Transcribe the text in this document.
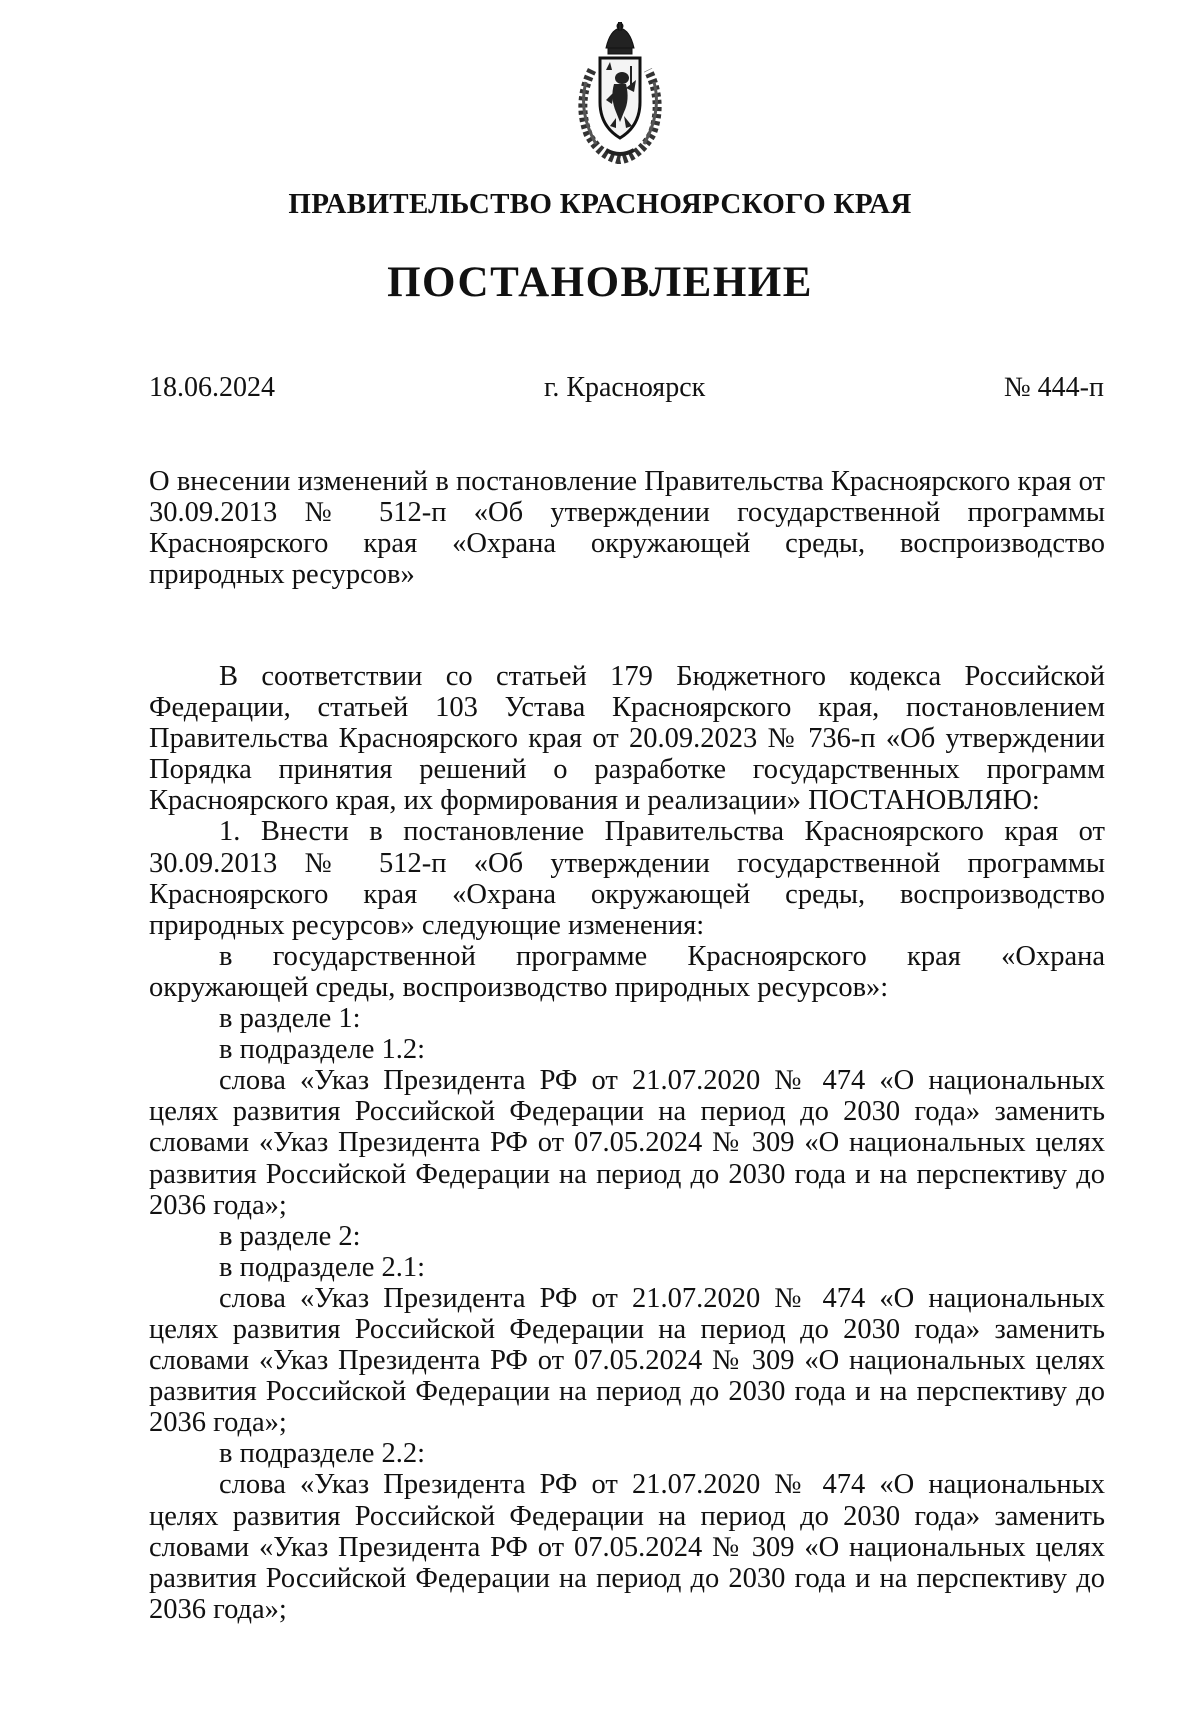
ПРАВИТЕЛЬСТВО КРАСНОЯРСКОГО КРАЯ
ПОСТАНОВЛЕНИЕ
18.06.2024	г. Красноярск	№ 444-п

О внесении изменений в постановление Правительства Красноярского края от 30.09.2013 № 512-п «Об утверждении государственной программы Красноярского края «Охрана окружающей среды, воспроизводство природных ресурсов»

В соответствии со статьей 179 Бюджетного кодекса Российской Федерации, статьей 103 Устава Красноярского края, постановлением Правительства Красноярского края от 20.09.2023 № 736-п «Об утверждении Порядка принятия решений о разработке государственных программ Красноярского края, их формирования и реализации» ПОСТАНОВЛЯЮ:

1. Внести в постановление Правительства Красноярского края от 30.09.2013 № 512-п «Об утверждении государственной программы Красноярского края «Охрана окружающей среды, воспроизводство природных ресурсов» следующие изменения:

в государственной программе Красноярского края «Охрана окружающей среды, воспроизводство природных ресурсов»:

в разделе 1:

в подразделе 1.2:

слова «Указ Президента РФ от 21.07.2020 № 474 «О национальных целях развития Российской Федерации на период до 2030 года» заменить словами «Указ Президента РФ от 07.05.2024 № 309 «О национальных целях развития Российской Федерации на период до 2030 года и на перспективу до 2036 года»;

в разделе 2:

в подразделе 2.1:

слова «Указ Президента РФ от 21.07.2020 № 474 «О национальных целях развития Российской Федерации на период до 2030 года» заменить словами «Указ Президента РФ от 07.05.2024 № 309 «О национальных целях развития Российской Федерации на период до 2030 года и на перспективу до 2036 года»;

в подразделе 2.2:

слова «Указ Президента РФ от 21.07.2020 № 474 «О национальных целях развития Российской Федерации на период до 2030 года» заменить словами «Указ Президента РФ от 07.05.2024 № 309 «О национальных целях развития Российской Федерации на период до 2030 года и на перспективу до 2036 года»;
